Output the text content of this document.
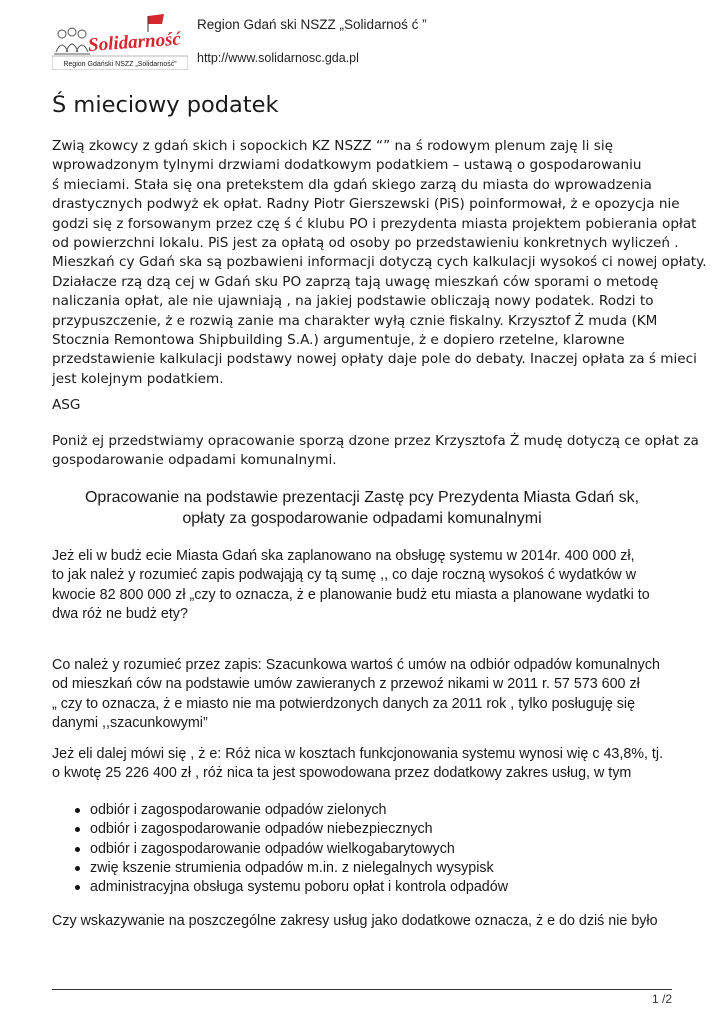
Solidarność
Region Gdański NSZZ „Solidarność”
Region Gdań ski NSZZ „Solidarnoś ć ”
http://www.solidarnosc.gda.pl
Ś mieciowy podatek
Zwią zkowcy z gdań skich i sopockich KZ NSZZ “” na ś rodowym plenum zaję li się
wprowadzonym tylnymi drzwiami dodatkowym podatkiem – ustawą o gospodarowaniu
ś mieciami. Stała się ona pretekstem dla gdań skiego zarzą du miasta do wprowadzenia
drastycznych podwyż ek opłat. Radny Piotr Gierszewski (PiS) poinformował, ż e opozycja nie
godzi się z forsowanym przez czę ś ć klubu PO i prezydenta miasta projektem pobierania opłat
od powierzchni lokalu. PiS jest za opłatą od osoby po przedstawieniu konkretnych wyliczeń .
Mieszkań cy Gdań ska są pozbawieni informacji dotyczą cych kalkulacji wysokoś ci nowej opłaty.
Działacze rzą dzą cej w Gdań sku PO zaprzą tają uwagę mieszkań ców sporami o metodę
naliczania opłat, ale nie ujawniają , na jakiej podstawie obliczają nowy podatek. Rodzi to
przypuszczenie, ż e rozwią zanie ma charakter wyłą cznie fiskalny. Krzysztof Ż muda (KM
Stocznia Remontowa Shipbuilding S.A.) argumentuje, ż e dopiero rzetelne, klarowne
przedstawienie kalkulacji podstawy nowej opłaty daje pole do debaty. Inaczej opłata za ś mieci
jest kolejnym podatkiem.
ASG
Poniż ej przedstwiamy opracowanie sporzą dzone przez Krzysztofa Ż mudę dotyczą ce opłat za
gospodarowanie odpadami komunalnymi.
Opracowanie na podstawie prezentacji Zastę pcy Prezydenta Miasta Gdań sk,
opłaty za gospodarowanie odpadami komunalnymi
Jeż eli w budż ecie Miasta Gdań ska zaplanowano na obsługę systemu w 2014r. 400 000 zł,
to jak należ y rozumieć zapis podwająją cy tą sumę ,, co daje roczną wysokoś ć wydatków w
kwocie 82 800 000 zł „czy to oznacza, ż e planowanie budż etu miasta a planowane wydatki to
dwa róż ne budż ety?
Co należ y rozumieć przez zapis: Szacunkowa wartoś ć umów na odbiór odpadów komunalnych
od mieszkań ców na podstawie umów zawieranych z przewoź nikami w 2011 r. 57 573 600 zł
„ czy to oznacza, ż e miasto nie ma potwierdzonych danych za 2011 rok , tylko posługuję się
danymi ,,szacunkowymi”
Jeż eli dalej mówi się , ż e: Róż nica w kosztach funkcjonowania systemu wynosi wię c 43,8%, tj.
o kwotę 25 226 400 zł , róż nica ta jest spowodowana przez dodatkowy zakres usług, w tym
odbiór i zagospodarowanie odpadów zielonych
odbiór i zagospodarowanie odpadów niebezpiecznych
odbiór i zagospodarowanie odpadów wielkogabarytowych
zwię kszenie strumienia odpadów m.in. z nielegalnych wysypisk
administracyjna obsługa systemu poboru opłat i kontrola odpadów
Czy wskazywanie na poszczególne zakresy usług jako dodatkowe oznacza, ż e do dziś nie było
1 /2
